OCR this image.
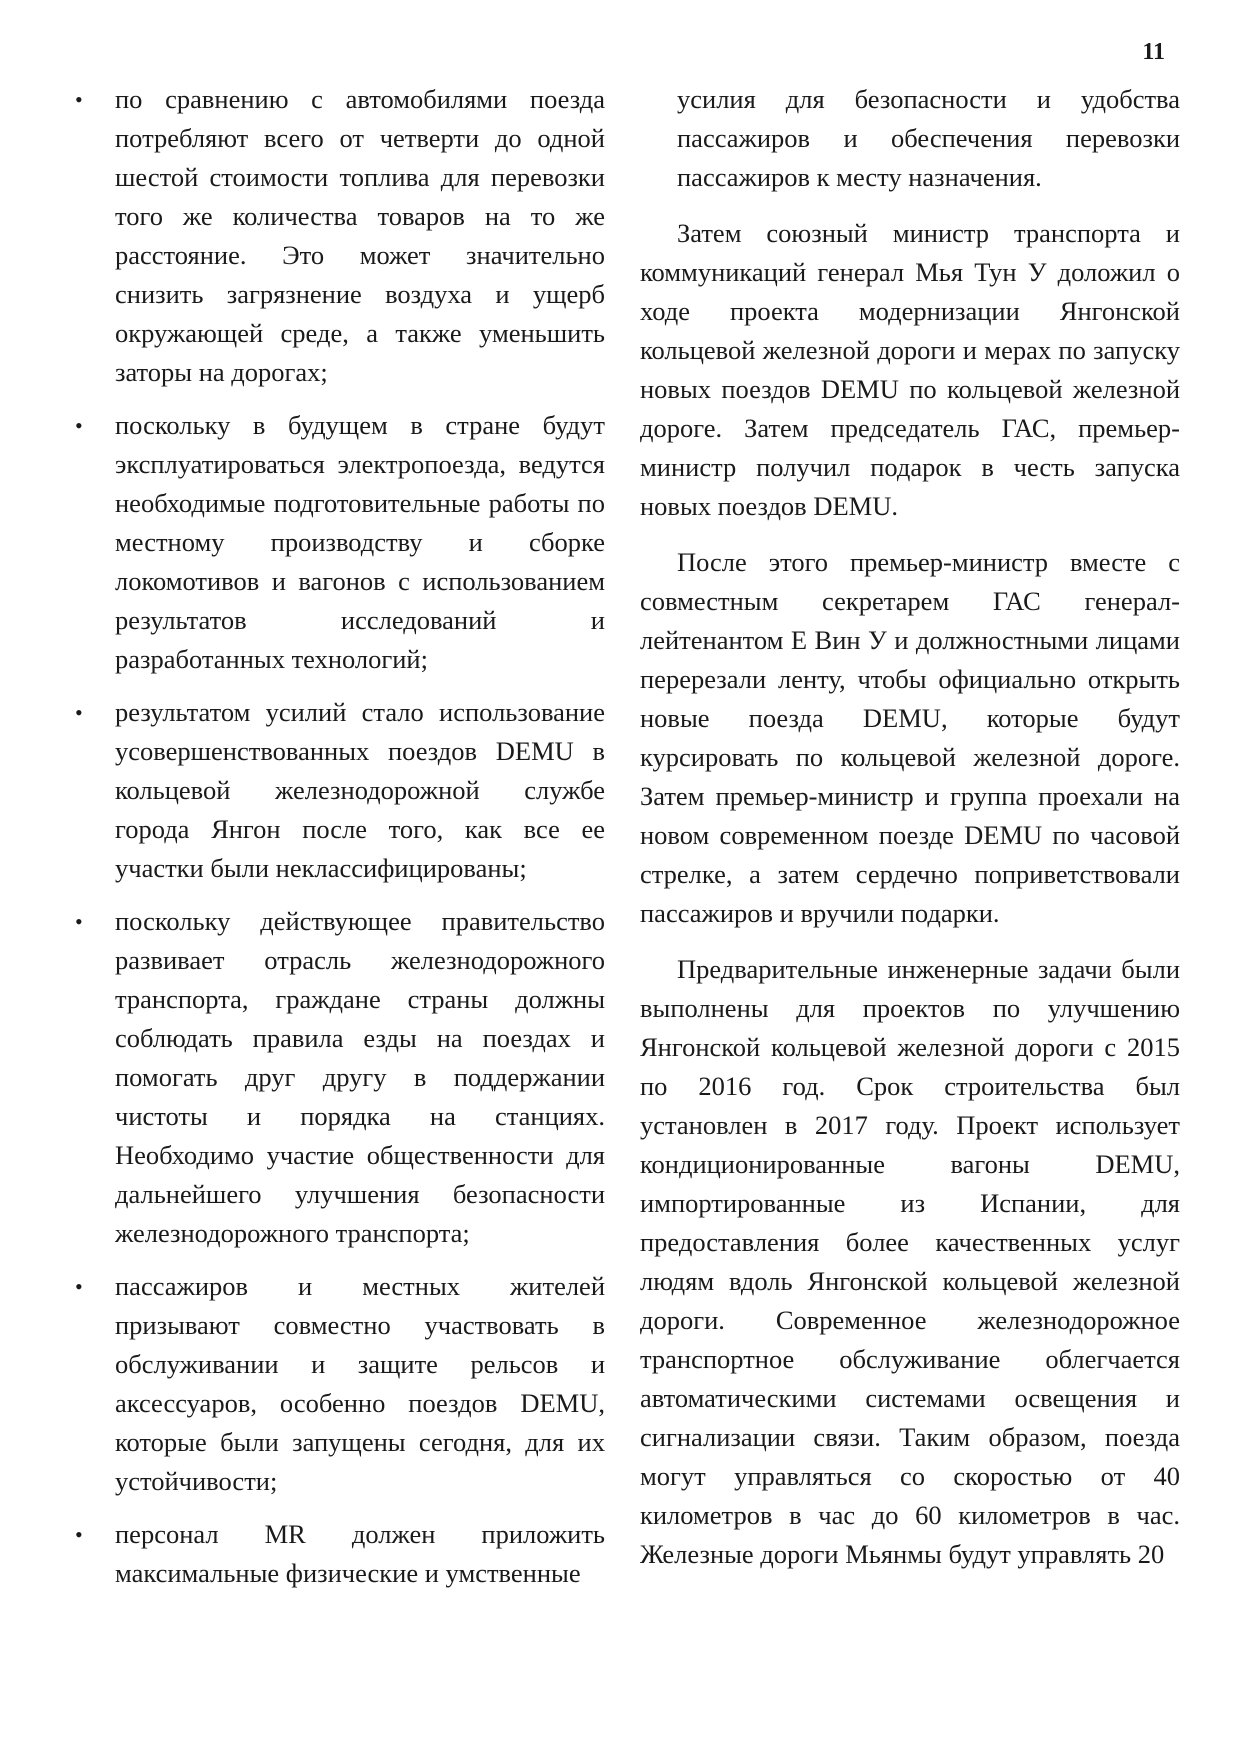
11
• по сравнению с автомобилями поезда потребляют всего от четверти до одной шестой стоимости топлива для перевозки того же количества товаров на то же расстояние. Это может значительно снизить загрязнение воздуха и ущерб окружающей среде, а также уменьшить заторы на дорогах;
• поскольку в будущем в стране будут эксплуатироваться электропоезда, ведутся необходимые подготовительные работы по местному производству и сборке локомотивов и вагонов с использованием результатов исследований и разработанных технологий;
• результатом усилий стало использование усовершенствованных поездов DEMU в кольцевой железнодорожной службе города Янгон после того, как все ее участки были неклассифицированы;
• поскольку действующее правительство развивает отрасль железнодорожного транспорта, граждане страны должны соблюдать правила езды на поездах и помогать друг другу в поддержании чистоты и порядка на станциях. Необходимо участие общественности для дальнейшего улучшения безопасности железнодорожного транспорта;
• пассажиров и местных жителей призывают совместно участвовать в обслуживании и защите рельсов и аксессуаров, особенно поездов DEMU, которые были запущены сегодня, для их устойчивости;
• персонал MR должен приложить максимальные физические и умственные

усилия для безопасности и удобства пассажиров и обеспечения перевозки пассажиров к месту назначения.

Затем союзный министр транспорта и коммуникаций генерал Мья Тун У доложил о ходе проекта модернизации Янгонской кольцевой железной дороги и мерах по запуску новых поездов DEMU по кольцевой железной дороге. Затем председатель ГАС, премьер-министр получил подарок в честь запуска новых поездов DEMU.

После этого премьер-министр вместе с совместным секретарем ГАС генерал-лейтенантом Е Вин У и должностными лицами перерезали ленту, чтобы официально открыть новые поезда DEMU, которые будут курсировать по кольцевой железной дороге. Затем премьер-министр и группа проехали на новом современном поезде DEMU по часовой стрелке, а затем сердечно поприветствовали пассажиров и вручили подарки.

Предварительные инженерные задачи были выполнены для проектов по улучшению Янгонской кольцевой железной дороги с 2015 по 2016 год. Срок строительства был установлен в 2017 году. Проект использует кондиционированные вагоны DEMU, импортированные из Испании, для предоставления более качественных услуг людям вдоль Янгонской кольцевой железной дороги. Современное железнодорожное транспортное обслуживание облегчается автоматическими системами освещения и сигнализации связи. Таким образом, поезда могут управляться со скоростью от 40 километров в час до 60 километров в час. Железные дороги Мьянмы будут управлять 20
